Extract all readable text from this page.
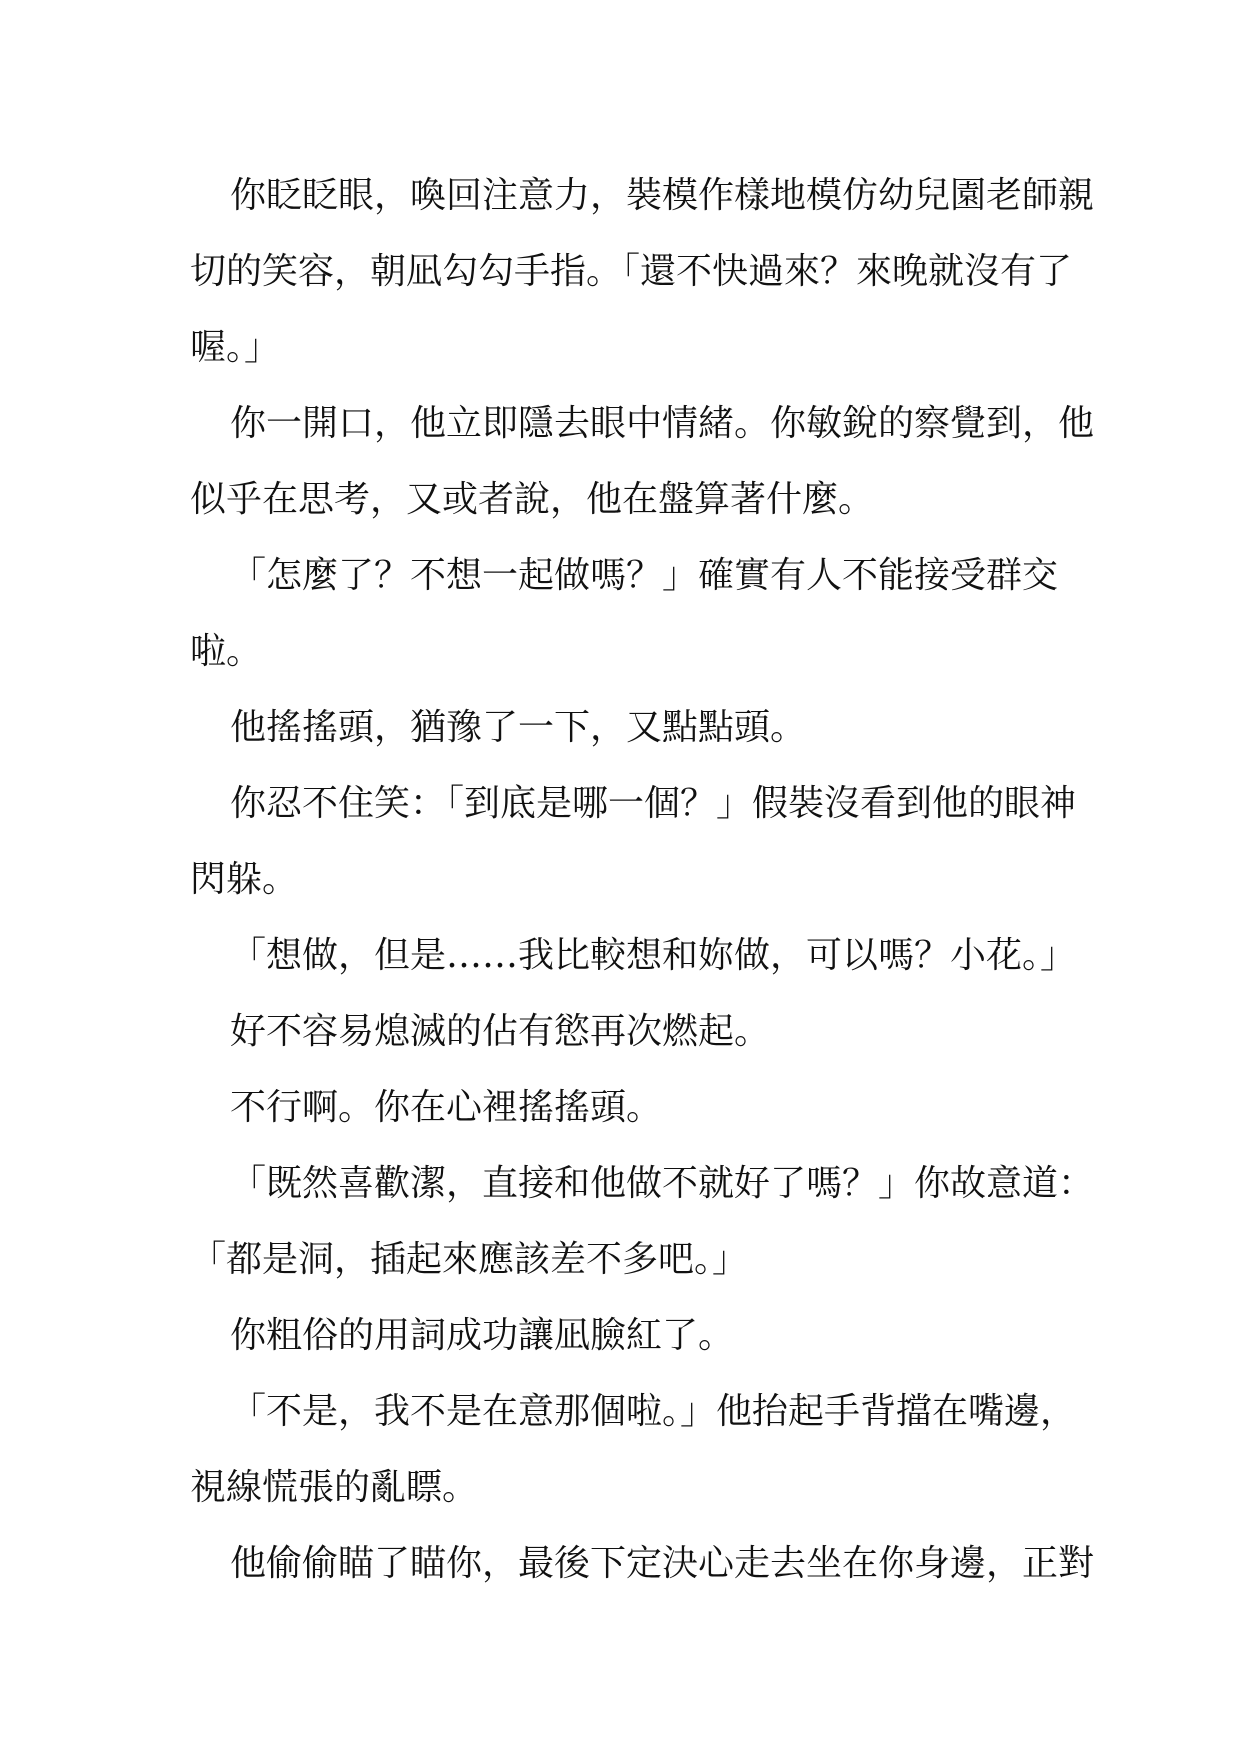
你眨眨眼，喚回注意力，裝模作樣地模仿幼兒園老師親
切的笑容，朝凪勾勾手指。「還不快過來？來晚就沒有了
喔。」
你一開口，他立即隱去眼中情緒。你敏銳的察覺到，他
似乎在思考，又或者說，他在盤算著什麼。
「怎麼了？不想一起做嗎？」確實有人不能接受群交
啦。
他搖搖頭，猶豫了一下，又點點頭。
你忍不住笑：「到底是哪一個？」假裝沒看到他的眼神
閃躲。
「想做，但是……我比較想和妳做，可以嗎？小花。」
好不容易熄滅的佔有慾再次燃起。
不行啊。你在心裡搖搖頭。
「既然喜歡潔，直接和他做不就好了嗎？」你故意道：
「都是洞，插起來應該差不多吧。」
你粗俗的用詞成功讓凪臉紅了。
「不是，我不是在意那個啦。」他抬起手背擋在嘴邊，
視線慌張的亂瞟。
他偷偷瞄了瞄你，最後下定決心走去坐在你身邊，正對
